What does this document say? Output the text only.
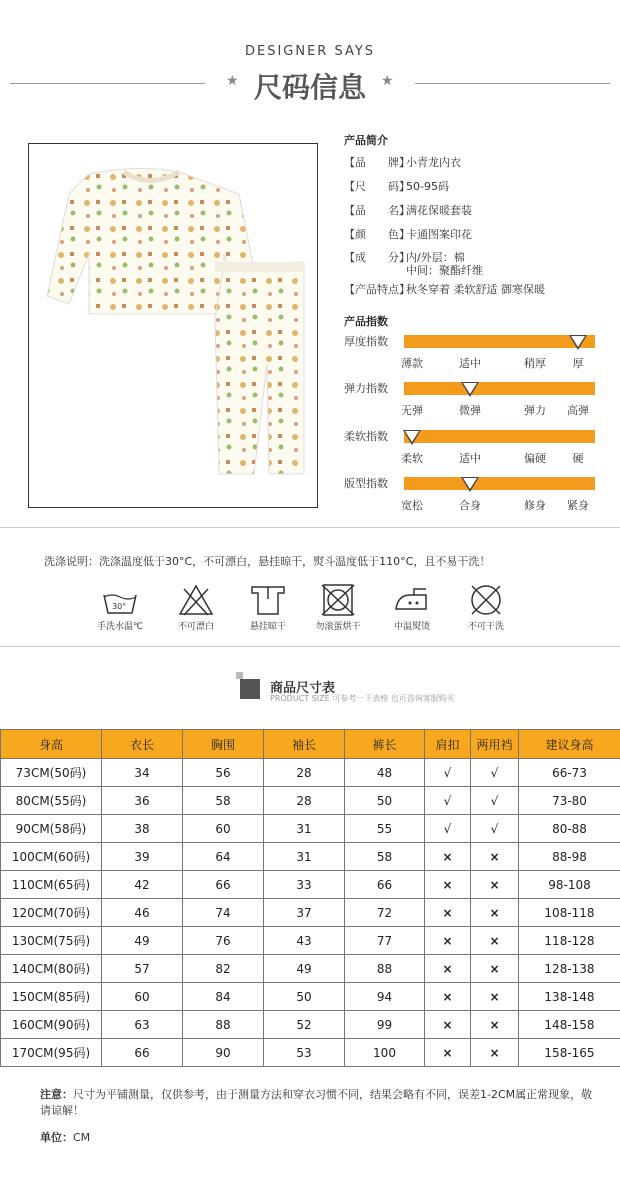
DESIGNER SAYS
★	★
尺码信息
产品简介
【品　　牌】小青龙内衣
【尺　　码】50-95码
【品　　名】满花保暖套装
【颜　　色】卡通图案印花
【成　　分】内/外层：棉
中间：聚酯纤维
【产品特点】秋冬穿着 柔软舒适 御寒保暖
产品指数
厚度指数
薄款	适中	稍厚	厚
弹力指数
无弹	微弹	弹力	高弹
柔软指数
柔软	适中	偏硬	硬
版型指数
宽松	合身	修身	紧身
洗涤说明：洗涤温度低于30°C，不可漂白，悬挂晾干，熨斗温度低于110°C，且不易干洗！
30°
手洗水温℃	不可漂白	悬挂晾干	勿滚蛋烘干	中温熨烫	不可干洗
商品尺寸表
PRODUCT SIZE 可参考一下表格 也可咨询客服购买
身高	衣长	胸围	袖长	裤长	肩扣	两用裆	建议身高
73CM(50码)	34	56	28	48	√	√	66-73
80CM(55码)	36	58	28	50	√	√	73-80
90CM(58码)	38	60	31	55	√	√	80-88
100CM(60码)	39	64	31	58	×	×	88-98
110CM(65码)	42	66	33	66	×	×	98-108
120CM(70码)	46	74	37	72	×	×	108-118
130CM(75码)	49	76	43	77	×	×	118-128
140CM(80码)	57	82	49	88	×	×	128-138
150CM(85码)	60	84	50	94	×	×	138-148
160CM(90码)	63	88	52	99	×	×	148-158
170CM(95码)	66	90	53	100	×	×	158-165
注意：尺寸为平铺测量，仅供参考，由于测量方法和穿衣习惯不同，结果会略有不同，误差1-2CM属正常现象，敬请谅解！
单位：CM
